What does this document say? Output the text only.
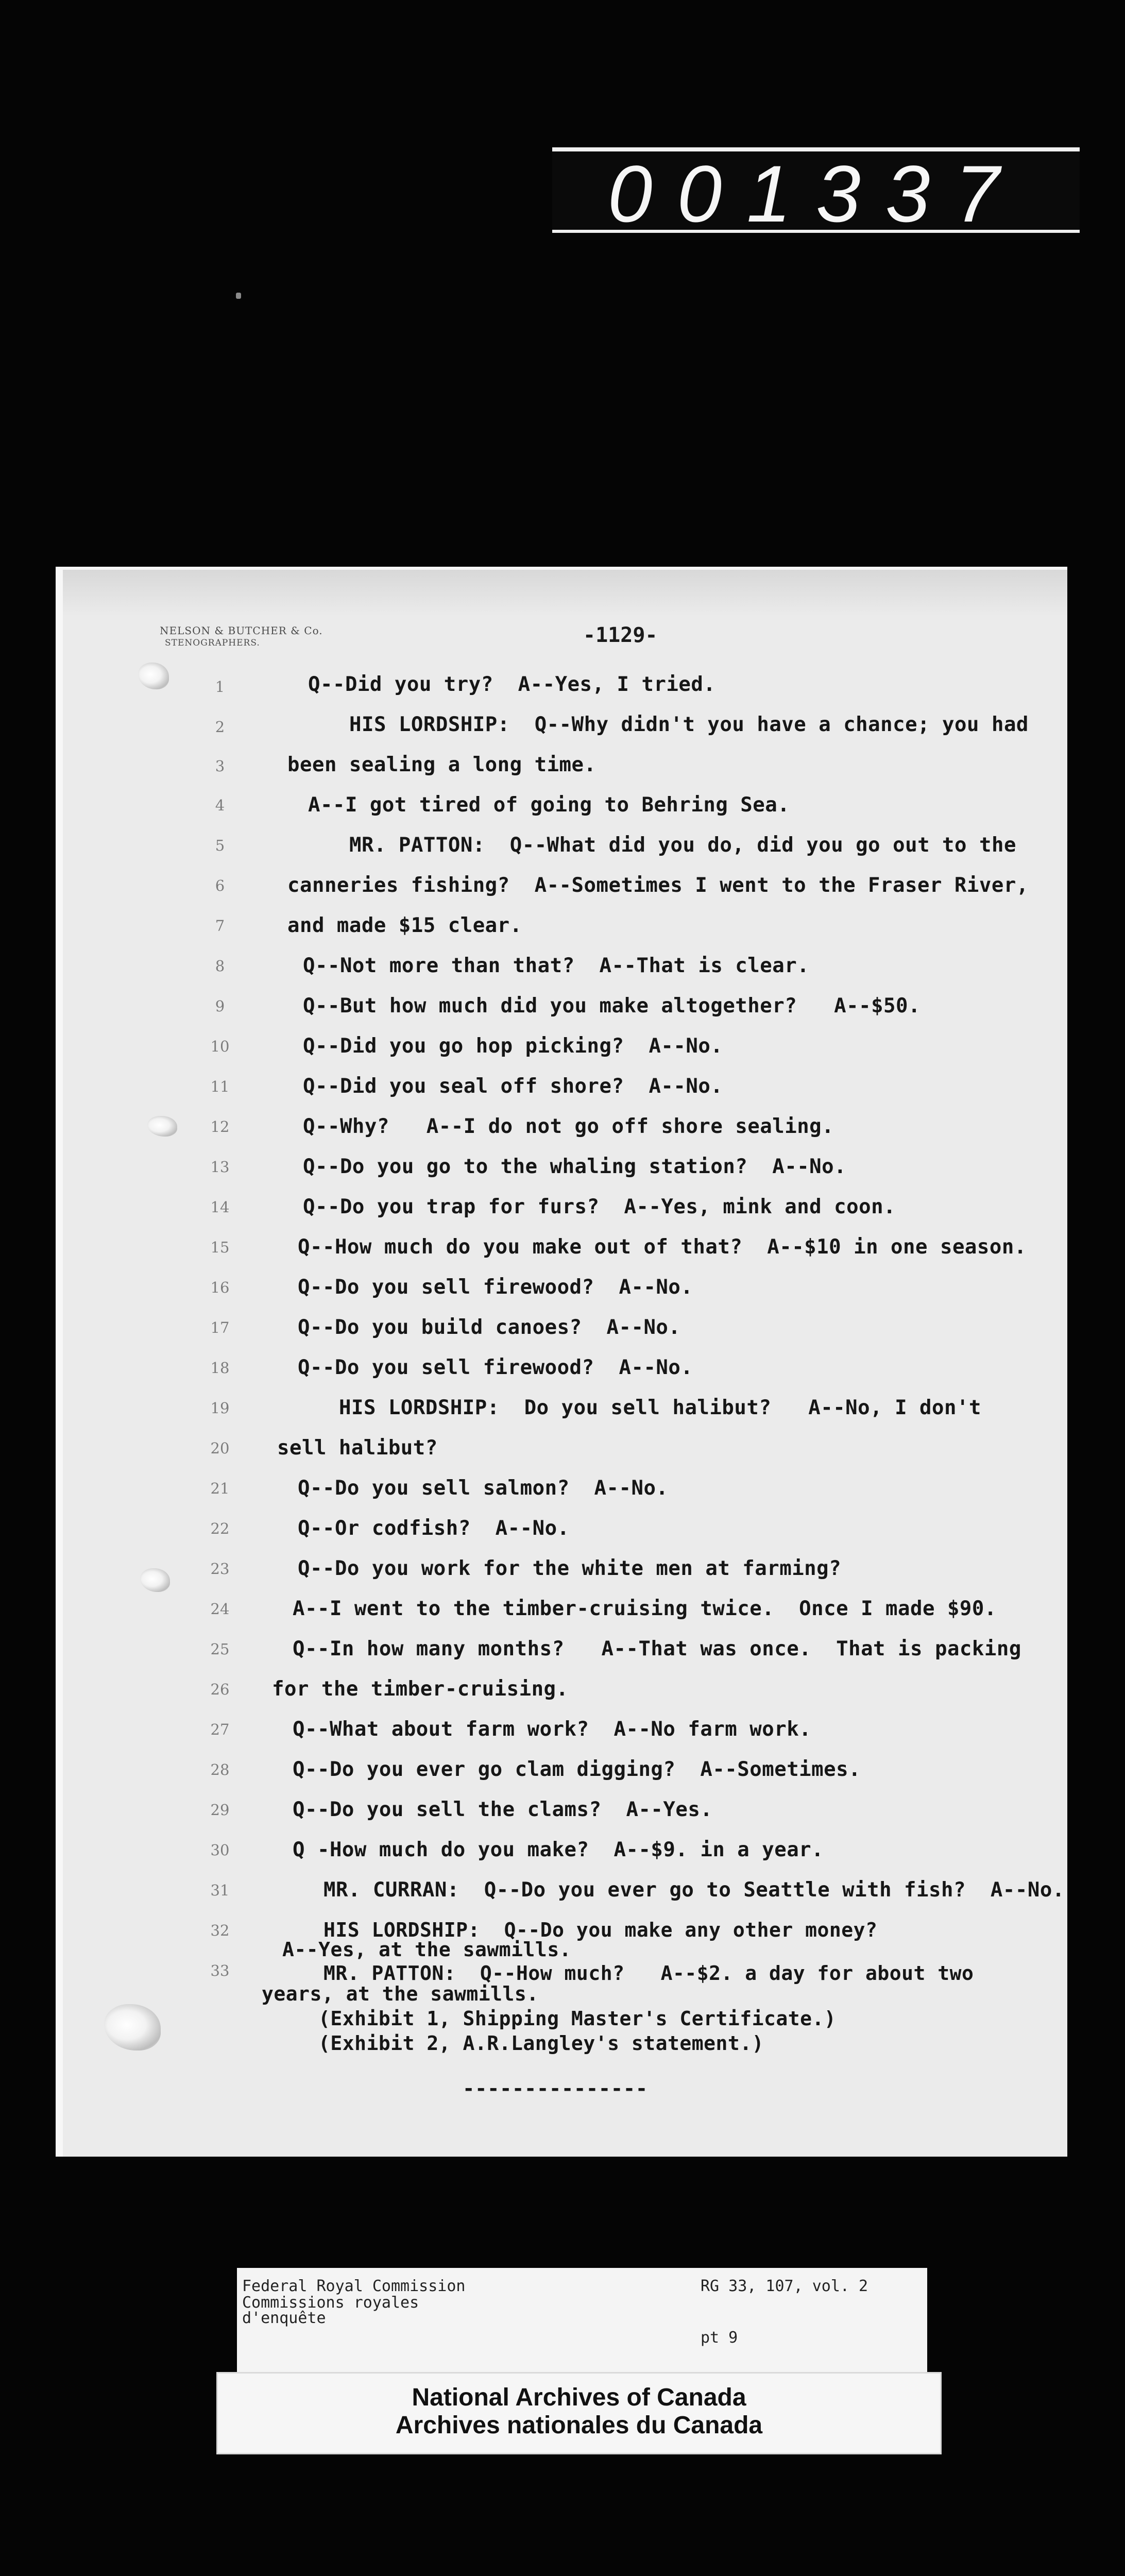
001337
NELSON & BUTCHER & Co.
STENOGRAPHERS.	-1129-
1
2
3
4
5
6
7
8
9
10
11
12
13
14
15
16
17
18
19
20
21
22
23
24
25
26
27
28
29
30
31
32
33
Q--Did you try?  A--Yes, I tried.
HIS LORDSHIP:  Q--Why didn't you have a chance; you had
been sealing a long time.
A--I got tired of going to Behring Sea.
MR. PATTON:  Q--What did you do, did you go out to the
canneries fishing?  A--Sometimes I went to the Fraser River,
and made $15 clear.
Q--Not more than that?  A--That is clear.
Q--But how much did you make altogether?   A--$50.
Q--Did you go hop picking?  A--No.
Q--Did you seal off shore?  A--No.
Q--Why?   A--I do not go off shore sealing.
Q--Do you go to the whaling station?  A--No.
Q--Do you trap for furs?  A--Yes, mink and coon.
Q--How much do you make out of that?  A--$10 in one season.
Q--Do you sell firewood?  A--No.
Q--Do you build canoes?  A--No.
Q--Do you sell firewood?  A--No.
HIS LORDSHIP:  Do you sell halibut?   A--No, I don't
sell halibut?
Q--Do you sell salmon?  A--No.
Q--Or codfish?  A--No.
Q--Do you work for the white men at farming?
A--I went to the timber-cruising twice.  Once I made $90.
Q--In how many months?   A--That was once.  That is packing
for the timber-cruising.
Q--What about farm work?  A--No farm work.
Q--Do you ever go clam digging?  A--Sometimes.
Q--Do you sell the clams?  A--Yes.
Q -How much do you make?  A--$9. in a year.
MR. CURRAN:  Q--Do you ever go to Seattle with fish?  A--No.
HIS LORDSHIP:  Q--Do you make any other money?
A--Yes, at the sawmills.
MR. PATTON:  Q--How much?   A--$2. a day for about two
years, at the sawmills.
(Exhibit 1, Shipping Master's Certificate.)
(Exhibit 2, A.R.Langley's statement.)
---------------
Federal Royal Commission
Commissions royales
d'enquête
RG 33, 107, vol. 2
pt 9
National Archives of Canada
Archives nationales du Canada
